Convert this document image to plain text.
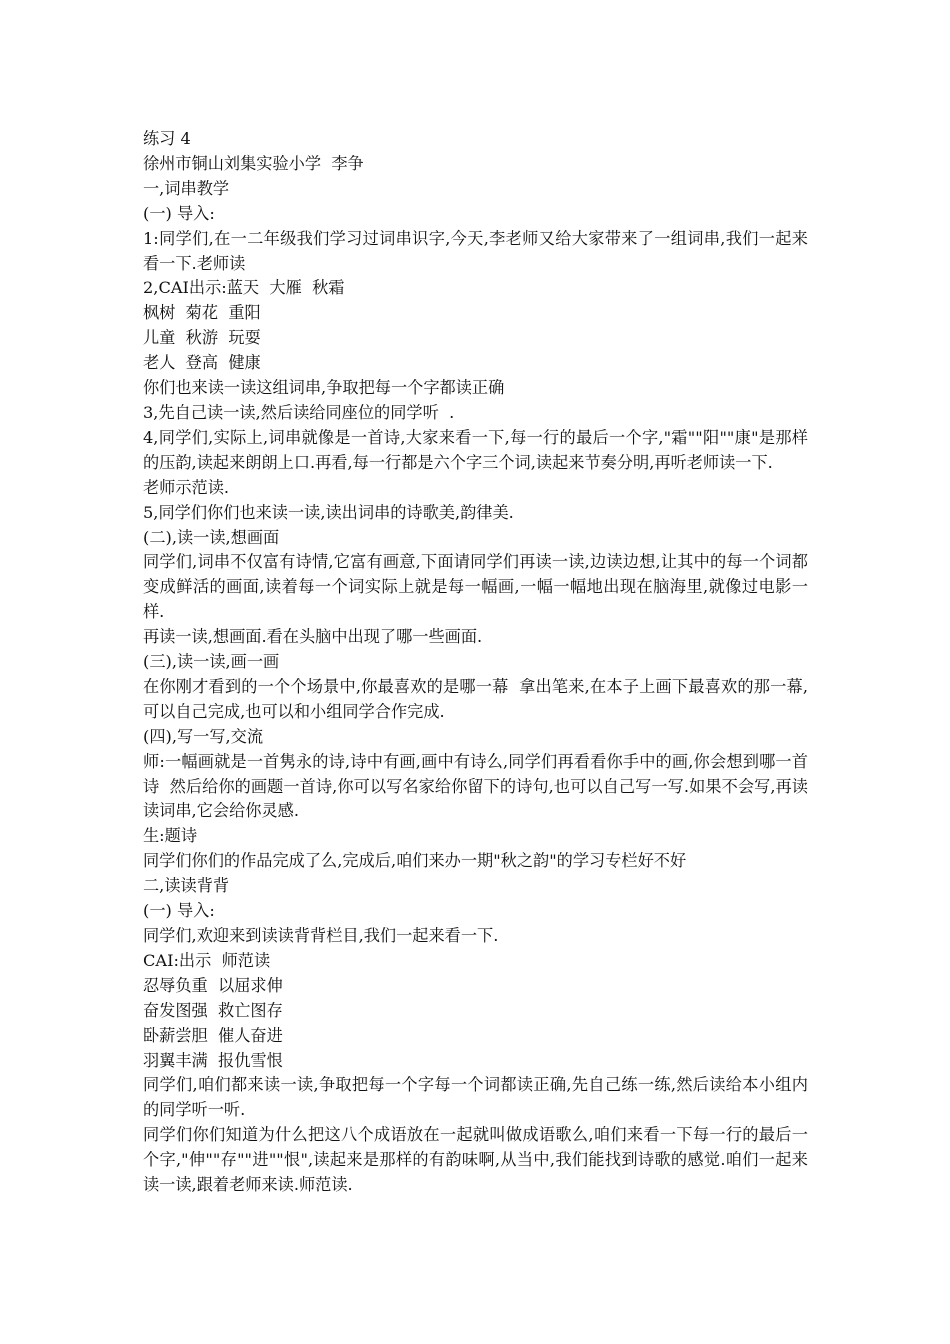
练习 4
徐州市铜山刘集实验小学  李争
一,词串教学
(一) 导入:
1:同学们,在一二年级我们学习过词串识字,今天,李老师又给大家带来了一组词串,我们一起来看一下.老师读
2,CAI出示:蓝天  大雁  秋霜
枫树  菊花  重阳
儿童  秋游  玩耍
老人  登高  健康
你们也来读一读这组词串,争取把每一个字都读正确
3,先自己读一读,然后读给同座位的同学听  .
4,同学们,实际上,词串就像是一首诗,大家来看一下,每一行的最后一个字,"霜""阳""康"是那样的压韵,读起来朗朗上口.再看,每一行都是六个字三个词,读起来节奏分明,再听老师读一下.
老师示范读.
5,同学们你们也来读一读,读出词串的诗歌美,韵律美.
(二),读一读,想画面
同学们,词串不仅富有诗情,它富有画意,下面请同学们再读一读,边读边想,让其中的每一个词都变成鲜活的画面,读着每一个词实际上就是每一幅画,一幅一幅地出现在脑海里,就像过电影一样.
再读一读,想画面.看在头脑中出现了哪一些画面.
(三),读一读,画一画
在你刚才看到的一个个场景中,你最喜欢的是哪一幕  拿出笔来,在本子上画下最喜欢的那一幕,可以自己完成,也可以和小组同学合作完成.
(四),写一写,交流
师:一幅画就是一首隽永的诗,诗中有画,画中有诗么,同学们再看看你手中的画,你会想到哪一首诗  然后给你的画题一首诗,你可以写名家给你留下的诗句,也可以自己写一写.如果不会写,再读读词串,它会给你灵感.
生:题诗
同学们你们的作品完成了么,完成后,咱们来办一期"秋之韵"的学习专栏好不好
二,读读背背
(一) 导入:
同学们,欢迎来到读读背背栏目,我们一起来看一下.
CAI:出示  师范读
忍辱负重  以屈求伸
奋发图强  救亡图存
卧薪尝胆  催人奋进
羽翼丰满  报仇雪恨
同学们,咱们都来读一读,争取把每一个字每一个词都读正确,先自己练一练,然后读给本小组内的同学听一听.
同学们你们知道为什么把这八个成语放在一起就叫做成语歌么,咱们来看一下每一行的最后一个字,"伸""存""进""恨",读起来是那样的有韵味啊,从当中,我们能找到诗歌的感觉.咱们一起来读一读,跟着老师来读.师范读.
